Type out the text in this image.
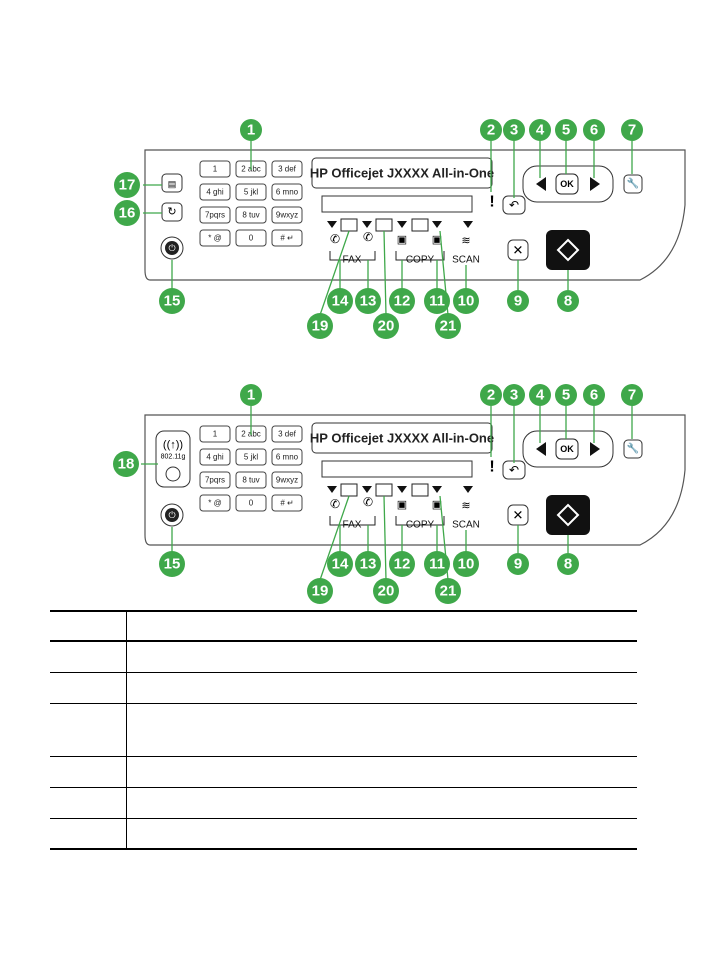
▤
↻
⏻
1	2 abc 3 def
4 ghi	5 jkl 6 mno
7pqrs 8 tuv 9wxyz
* @	0	# ↵
HP Officejet JXXXX All-in-One
!
✆ ✆
FAX
▣ ▣
COPY
≋
SCAN
↶
OK	🔧
✕
1	2 3 4 5 6 7
17
16
15	14 13 12 11 10	9	8
19	20	21
((↑))
802.11g
⏻
1	2 abc 3 def
4 ghi	5 jkl 6 mno
7pqrs 8 tuv 9wxyz
* @	0	# ↵
HP Officejet JXXXX All-in-One
!
✆ ✆
FAX
▣ ▣
COPY
≋
SCAN
↶
OK	🔧
✕
1	2 3 4 5 6 7
18
15	14 13 12 11 10	9	8
19	20	21
